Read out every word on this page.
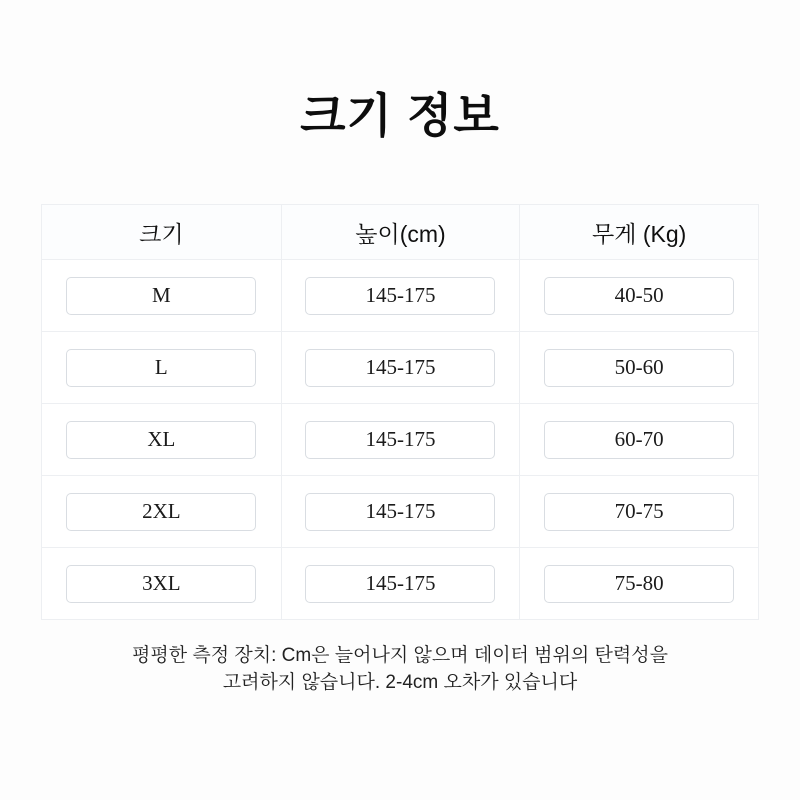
크기 정보
크기	높이(cm)	무게 (Kg)
M	145-175	40-50
L	145-175	50-60
XL	145-175	60-70
2XL	145-175	70-75
3XL	145-175	75-80
평평한 측정 장치: Cm은 늘어나지 않으며 데이터 범위의 탄력성을
고려하지 않습니다. 2-4cm 오차가 있습니다
